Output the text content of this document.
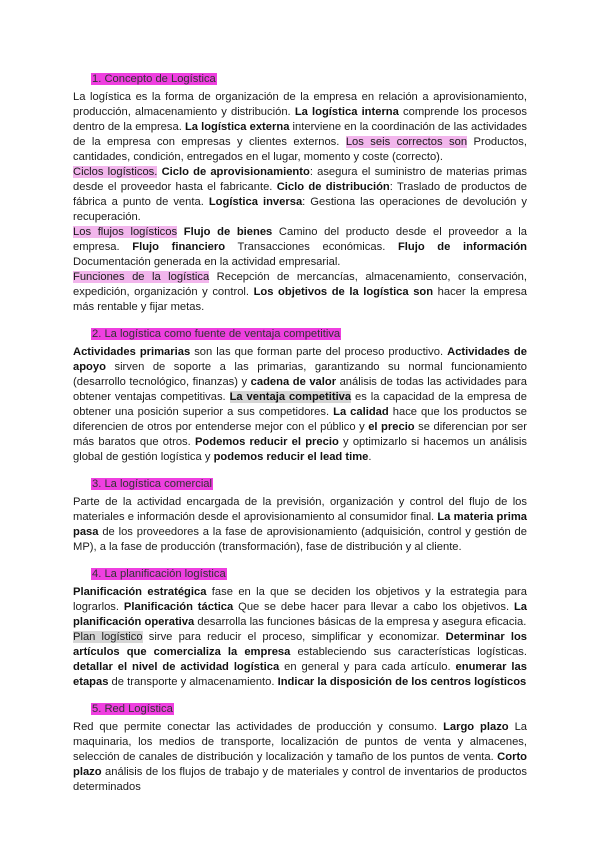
1. Concepto de Logística

La logística es la forma de organización de la empresa en relación a aprovisionamiento, producción, almacenamiento y distribución. La logística interna comprende los procesos dentro de la empresa. La logística externa interviene en la coordinación de las actividades de la empresa con empresas y clientes externos. Los seis correctos son Productos, cantidades, condición, entregados en el lugar, momento y coste (correcto).

Ciclos logísticos. Ciclo de aprovisionamiento: asegura el suministro de materias primas desde el proveedor hasta el fabricante. Ciclo de distribución: Traslado de productos de fábrica a punto de venta. Logística inversa: Gestiona las operaciones de devolución y recuperación.

Los flujos logísticos Flujo de bienes Camino del producto desde el proveedor a la empresa. Flujo financiero Transacciones económicas. Flujo de información Documentación generada en la actividad empresarial.

Funciones de la logística Recepción de mercancías, almacenamiento, conservación, expedición, organización y control. Los objetivos de la logística son hacer la empresa más rentable y fijar metas.

2. La logística como fuente de ventaja competitiva

Actividades primarias son las que forman parte del proceso productivo. Actividades de apoyo sirven de soporte a las primarias, garantizando su normal funcionamiento (desarrollo tecnológico, finanzas) y cadena de valor análisis de todas las actividades para obtener ventajas competitivas. La ventaja competitiva es la capacidad de la empresa de obtener una posición superior a sus competidores. La calidad hace que los productos se diferencien de otros por entenderse mejor con el público y el precio se diferencian por ser más baratos que otros. Podemos reducir el precio y optimizarlo si hacemos un análisis global de gestión logística y podemos reducir el lead time.

3. La logística comercial

Parte de la actividad encargada de la previsión, organización y control del flujo de los materiales e información desde el aprovisionamiento al consumidor final. La materia prima pasa de los proveedores a la fase de aprovisionamiento (adquisición, control y gestión de MP), a la fase de producción (transformación), fase de distribución y al cliente.

4. La planificación logística

Planificación estratégica fase en la que se deciden los objetivos y la estrategia para lograrlos. Planificación táctica Que se debe hacer para llevar a cabo los objetivos. La planificación operativa desarrolla las funciones básicas de la empresa y asegura eficacia.

Plan logístico sirve para reducir el proceso, simplificar y economizar. Determinar los artículos que comercializa la empresa estableciendo sus características logísticas. detallar el nivel de actividad logística en general y para cada artículo. enumerar las etapas de transporte y almacenamiento. Indicar la disposición de los centros logísticos

5. Red Logística

Red que permite conectar las actividades de producción y consumo. Largo plazo La maquinaria, los medios de transporte, localización de puntos de venta y almacenes, selección de canales de distribución y localización y tamaño de los puntos de venta. Corto plazo análisis de los flujos de trabajo y de materiales y control de inventarios de productos determinados
